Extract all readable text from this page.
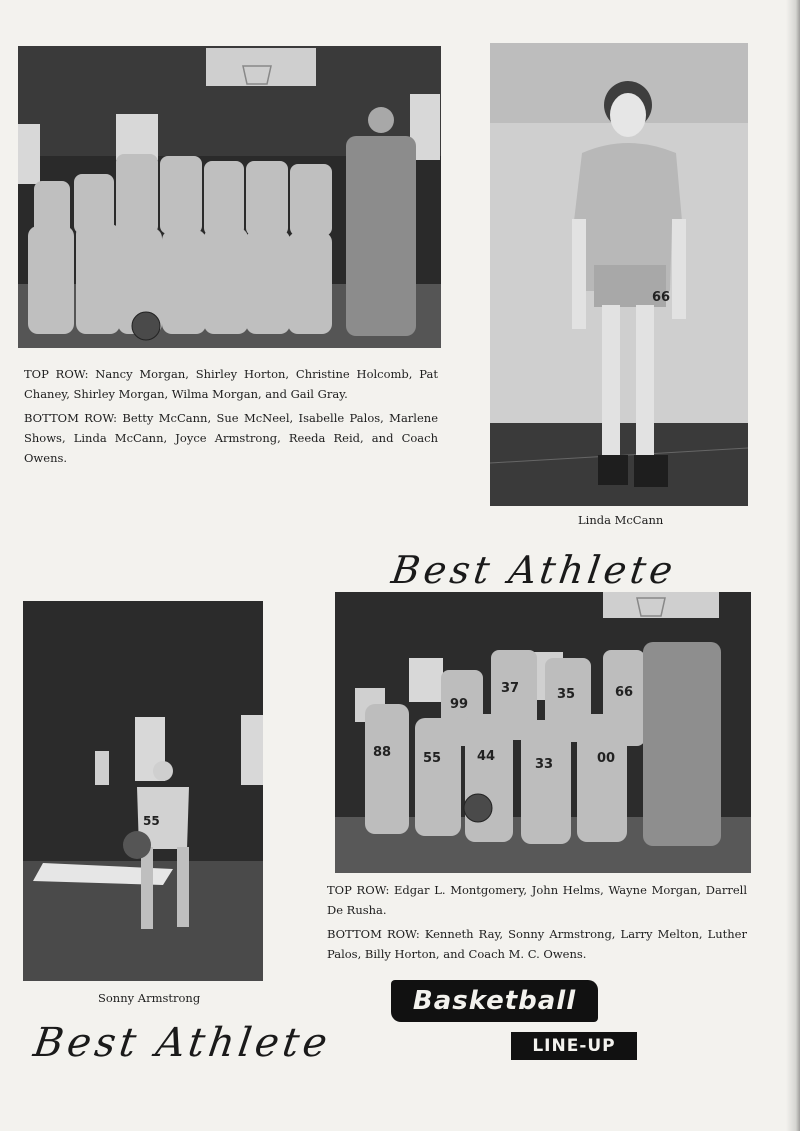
TOP ROW: Nancy Morgan, Shirley Horton, Christine Holcomb, Pat Chaney, Shirley Morgan, Wilma Morgan, and Gail Gray.

BOTTOM ROW: Betty McCann, Sue McNeel, Isabelle Palos, Marlene Shows, Linda McCann, Joyce Armstrong, Reeda Reid, and Coach Owens.

66
Linda McCann
Best Athlete
55
Sonny Armstrong
99
37	35	66
88 55	44
33	00

TOP ROW: Edgar L. Montgomery, John Helms, Wayne Morgan, Darrell De Rusha.

BOTTOM ROW: Kenneth Ray, Sonny Armstrong, Larry Melton, Luther Palos, Billy Horton, and Coach M. C. Owens.

Best Athlete
Basketball
LINE-UP
